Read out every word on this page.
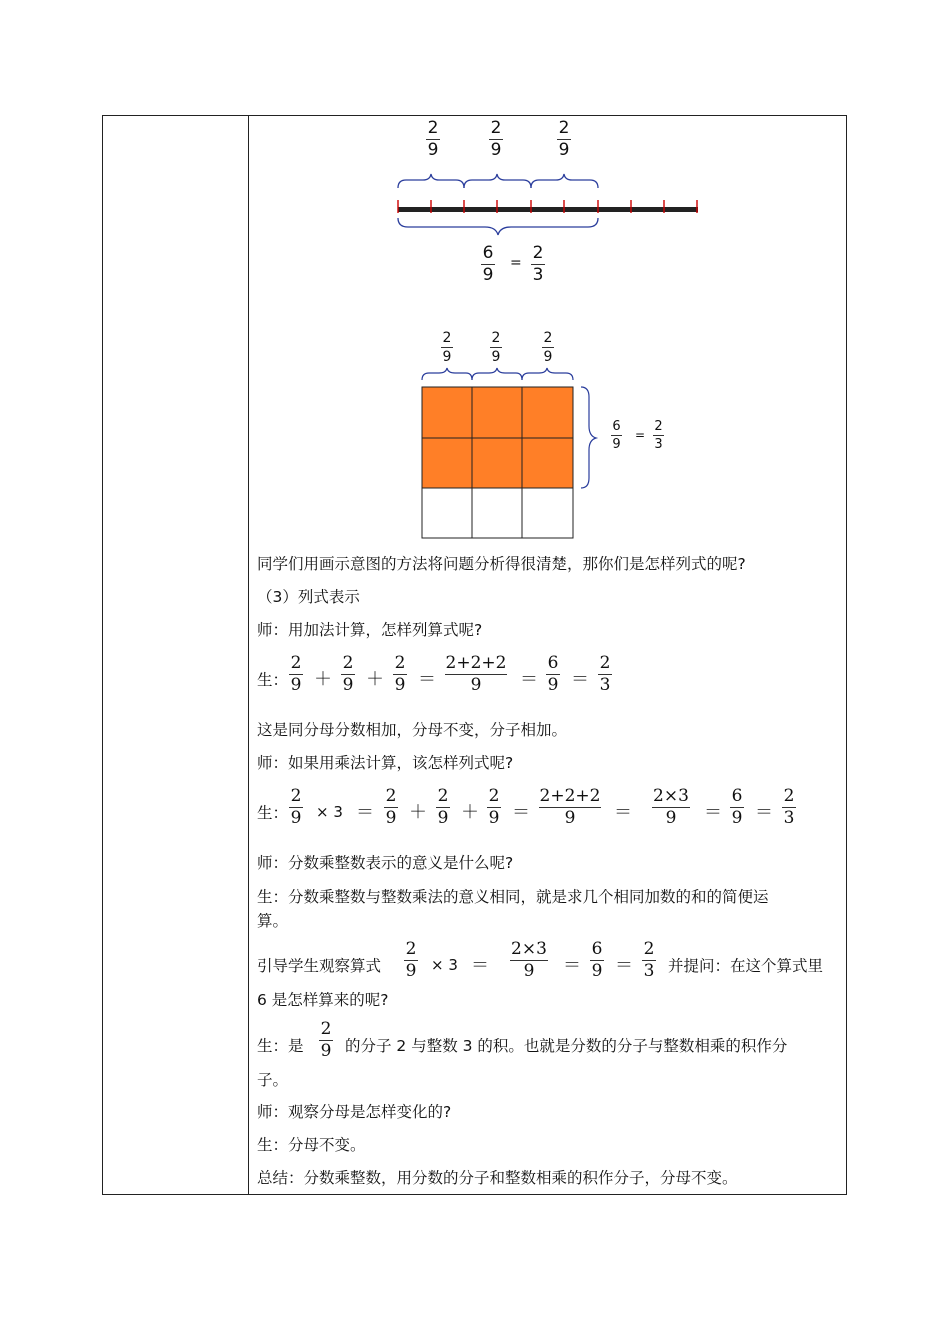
2
9
2
9
2
9
6
9
= 2
3
2
9
2
9
2
9
6
9
=
2
3
同学们用画示意图的方法将问题分析得很清楚，那你们是怎样列式的呢?
（3）列式表示
师：用加法计算，怎样列算式呢?
生：
2
9 ＋
2
9 ＋
2
9 ＝
2+2+2
9 ＝
6
9 ＝
2
3
这是同分母分数相加，分母不变，分子相加。
师：如果用乘法计算，该怎样列式呢?
生：
2
9 × 3 ＝
2
9 ＋
2
9 ＋
2
9 ＝
2+2+2
9 ＝
2×3
9 ＝
6
9 ＝
2
3
师：分数乘整数表示的意义是什么呢?
生：分数乘整数与整数乘法的意义相同，就是求几个相同加数的和的简便运
算。
引导学生观察算式
2
9 × 3 ＝
2×3
9 ＝
6
9 ＝
2
3 并提问：在这个算式里
6 是怎样算来的呢?
生：是
2
9 的分子 2 与整数 3 的积。也就是分数的分子与整数相乘的积作分
子。
师：观察分母是怎样变化的?
生：分母不变。
总结：分数乘整数，用分数的分子和整数相乘的积作分子，分母不变。
